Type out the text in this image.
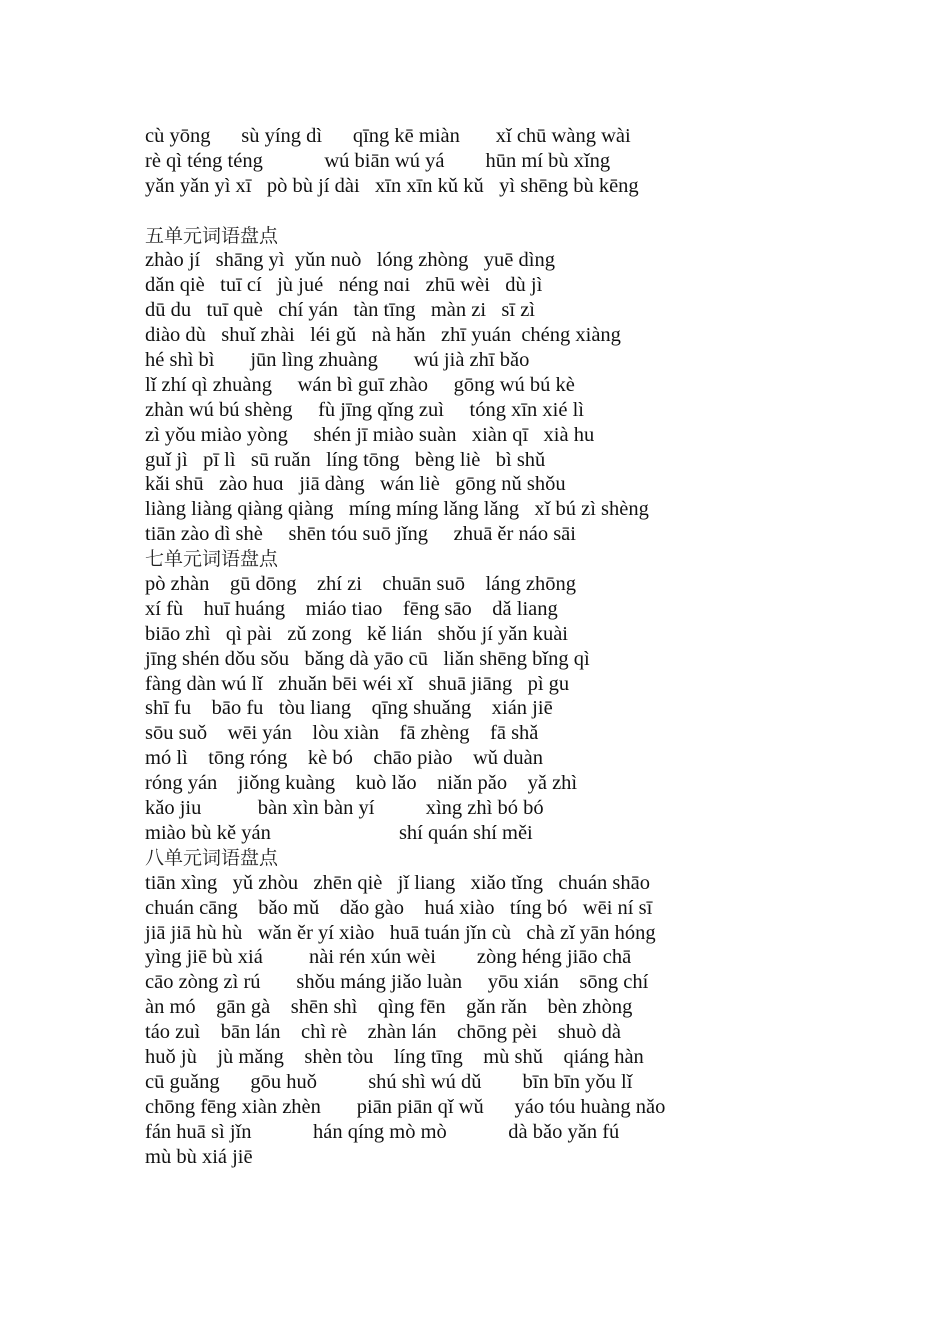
cù yōng      sù yíng dì      qīng kē miàn       xǐ chū wàng wài
rè qì téng téng            wú biān wú yá        hūn mí bù xǐng
yǎn yǎn yì xī   pò bù jí dài   xīn xīn kǔ kǔ   yì shēng bù kēng
五单元词语盘点
zhào jí   shāng yì  yǔn nuò   lóng zhòng   yuē dìng
dǎn qiè   tuī cí   jù jué   néng nɑi   zhū wèi   dù jì
dū du   tuī què   chí yán   tàn tīng   màn zi   sī zì
diào dù   shuǐ zhài   léi gǔ   nà hǎn   zhī yuán  chéng xiàng
hé shì bì       jūn lìng zhuàng       wú jià zhī bǎo
lǐ zhí qì zhuàng     wán bì guī zhào     gōng wú bú kè
zhàn wú bú shèng     fù jīng qǐng zuì     tóng xīn xié lì
zì yǒu miào yòng     shén jī miào suàn   xiàn qī   xià hu
guǐ jì   pī lì   sū ruǎn   líng tōng   bèng liè   bì shǔ
kǎi shū   zào huɑ   jiā dàng   wán liè   gōng nǔ shǒu
liàng liàng qiàng qiàng   míng míng lǎng lǎng   xǐ bú zì shèng
tiān zào dì shè     shēn tóu suō jǐng     zhuā ěr náo sāi
七单元词语盘点
pò zhàn    gū dōng    zhí zi    chuān suō    láng zhōng
xí fù    huī huáng    miáo tiao    fēng sāo    dǎ liang
biāo zhì   qì pài   zǔ zong   kě lián   shǒu jí yǎn kuài
jīng shén dǒu sǒu   bǎng dà yāo cū   liǎn shēng bǐng qì
fàng dàn wú lǐ   zhuǎn bēi wéi xǐ   shuā jiāng   pì gu
shī fu    bāo fu   tòu liang    qīng shuǎng    xián jiē
sōu suǒ    wēi yán    lòu xiàn    fā zhèng    fā shǎ
mó lì    tōng róng    kè bó    chāo piào    wǔ duàn
róng yán    jiǒng kuàng    kuò lǎo    niǎn pǎo    yǎ zhì
kǎo jiu           bàn xìn bàn yí          xìng zhì bó bó
miào bù kě yán                         shí quán shí měi
八单元词语盘点
tiān xìng   yǔ zhòu   zhēn qiè   jǐ liang   xiǎo tǐng   chuán shāo
chuán cāng    bǎo mǔ    dǎo gào    huá xiào   tíng bó   wēi ní sī
jiā jiā hù hù   wǎn ěr yí xiào   huā tuán jǐn cù   chà zǐ yān hóng
yìng jiē bù xiá         nài rén xún wèi        zòng héng jiāo chā
cāo zòng zì rú       shǒu máng jiǎo luàn     yōu xián    sōng chí
àn mó    gān gà    shēn shì    qìng fēn    gǎn rǎn    bèn zhòng
táo zuì    bān lán    chì rè    zhàn lán    chōng pèi    shuò dà
huǒ jù    jù mǎng    shèn tòu    líng tīng    mù shǔ    qiáng hàn
cū guǎng      gōu huǒ          shú shì wú dǔ        bīn bīn yǒu lǐ
chōng fēng xiàn zhèn       piān piān qǐ wǔ      yáo tóu huàng nǎo
fán huā sì jǐn            hán qíng mò mò            dà bǎo yǎn fú
mù bù xiá jiē
